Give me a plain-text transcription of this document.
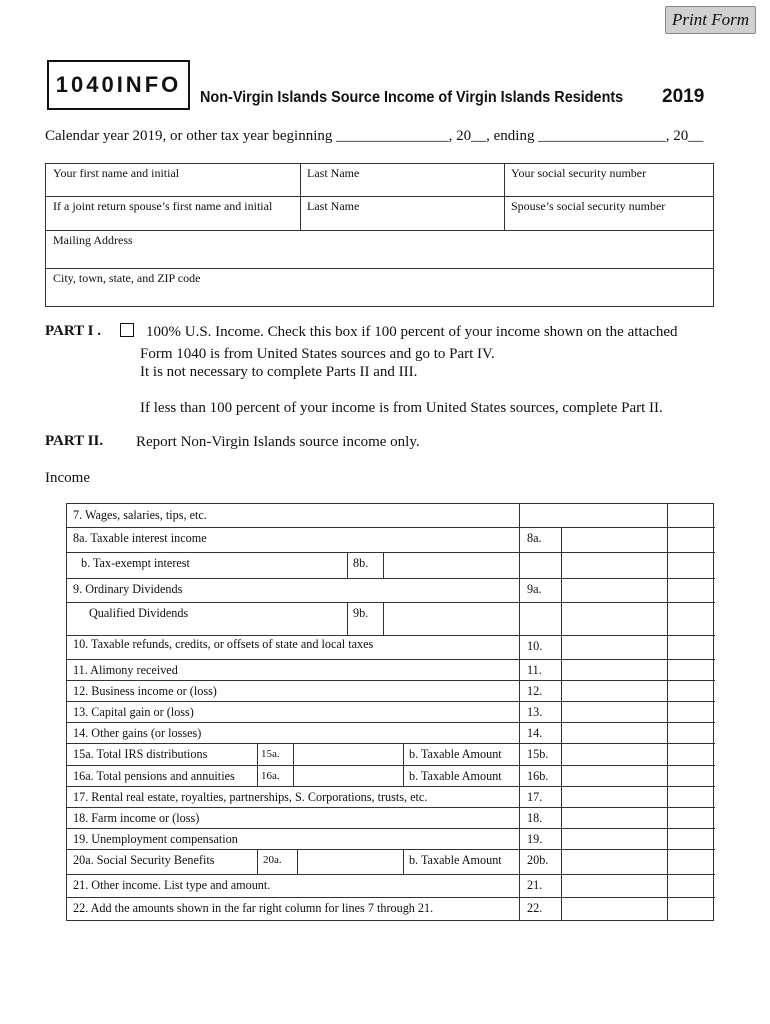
Print Form
1040INFO
Non-Virgin Islands Source Income of Virgin Islands Residents 2019
Calendar year 2019, or other tax year beginning _______________, 20__, ending _________________, 20__
Your first name and initial	Last Name	Your social security number
If a joint return spouse’s first name and initial	Last Name	Spouse’s social security number
Mailing Address
City, town, state, and ZIP code
PART I .	100% U.S. Income. Check this box if 100 percent of your income shown on the attached
Form 1040 is from United States sources and go to Part IV.
It is not necessary to complete Parts II and III.
If less than 100 percent of your income is from United States sources, complete Part II.
PART II. Report Non-Virgin Islands source income only.
Income
7. Wages, salaries, tips, etc.
8a. Taxable interest income	8a.
b. Tax-exempt interest	8b.
9. Ordinary Dividends	9a.
Qualified Dividends	9b.
10. Taxable refunds, credits, or offsets of state and local taxes	10.
11. Alimony received	11.
12. Business income or (loss)	12.
13. Capital gain or (loss)	13.
14. Other gains (or losses)	14.
15a. Total IRS distributions	15a.	b. Taxable Amount 15b.
16a. Total pensions and annuities 16a.	b. Taxable Amount 16b.
17. Rental real estate, royalties, partnerships, S. Corporations, trusts, etc.	17.
18. Farm income or (loss)	18.
19. Unemployment compensation	19.
20a. Social Security Benefits	20a.	b. Taxable Amount 20b.
21. Other income. List type and amount.	21.
22. Add the amounts shown in the far right column for lines 7 through 21.	22.
